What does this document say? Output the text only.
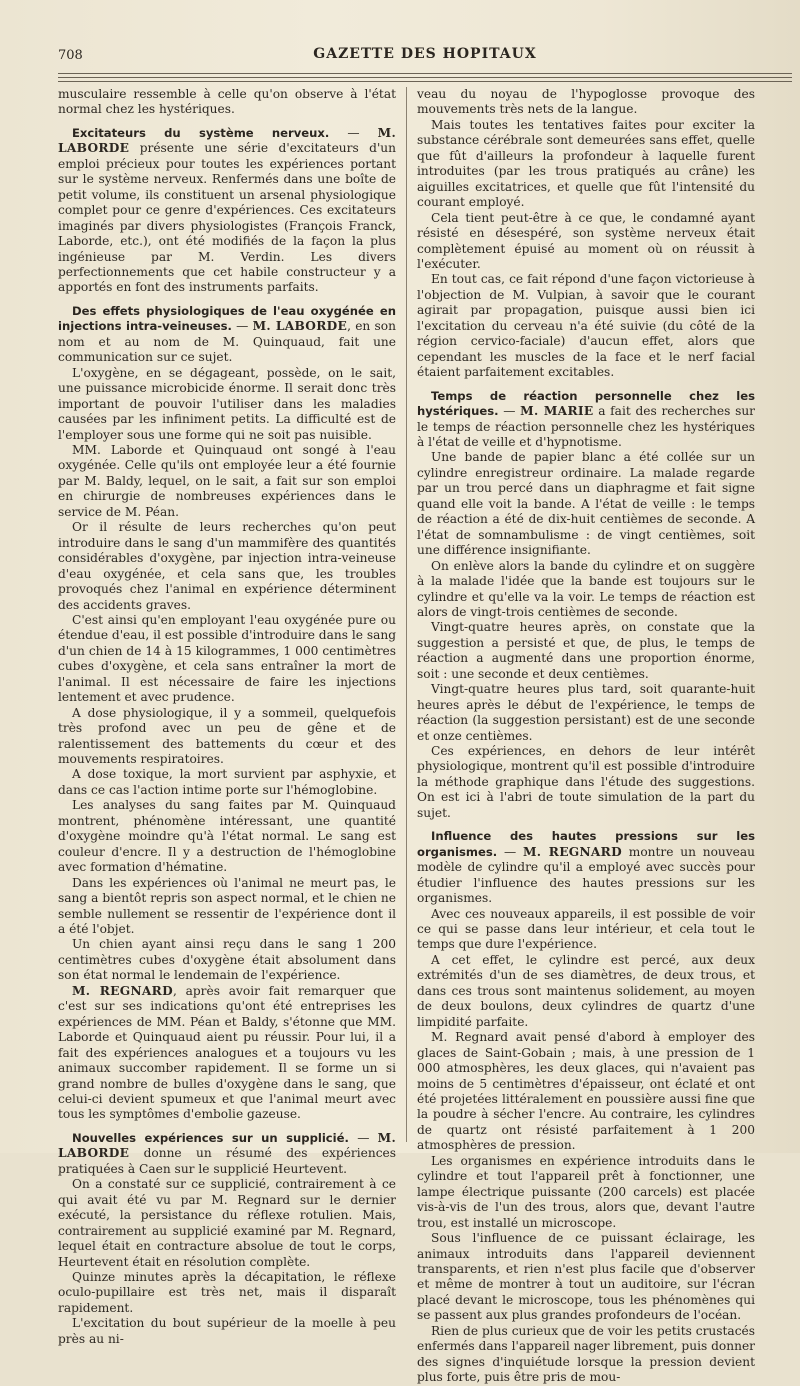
708	GAZETTE DES HOPITAUX

musculaire ressemble à celle qu'on observe à l'état normal chez les hystériques.

Excitateurs du système nerveux. — M. LABORDE présente une série d'excitateurs d'un emploi précieux pour toutes les expériences portant sur le système nerveux. Renfermés dans une boîte de petit volume, ils constituent un arsenal physiologique complet pour ce genre d'expériences. Ces excitateurs imaginés par divers physiologistes (François Franck, Laborde, etc.), ont été modifiés de la façon la plus ingénieuse par M. Verdin. Les divers perfectionnements que cet habile constructeur y a apportés en font des instruments parfaits.

Des effets physiologiques de l'eau oxygénée en injections intra-veineuses. — M. LABORDE, en son nom et au nom de M. Quinquaud, fait une communication sur ce sujet.

L'oxygène, en se dégageant, possède, on le sait, une puissance microbicide énorme. Il serait donc très important de pouvoir l'utiliser dans les maladies causées par les infiniment petits. La difficulté est de l'employer sous une forme qui ne soit pas nuisible.

MM. Laborde et Quinquaud ont songé à l'eau oxygénée. Celle qu'ils ont employée leur a été fournie par M. Baldy, lequel, on le sait, a fait sur son emploi en chirurgie de nombreuses expériences dans le service de M. Péan.

Or il résulte de leurs recherches qu'on peut introduire dans le sang d'un mammifère des quantités considérables d'oxygène, par injection intra-veineuse d'eau oxygénée, et cela sans que, les troubles provoqués chez l'animal en expérience déterminent des accidents graves.

C'est ainsi qu'en employant l'eau oxygénée pure ou étendue d'eau, il est possible d'introduire dans le sang d'un chien de 14 à 15 kilogrammes, 1 000 centimètres cubes d'oxygène, et cela sans entraîner la mort de l'animal. Il est nécessaire de faire les injections lentement et avec prudence.

A dose physiologique, il y a sommeil, quelquefois très profond avec un peu de gêne et de ralentissement des battements du cœur et des mouvements respiratoires.

A dose toxique, la mort survient par asphyxie, et dans ce cas l'action intime porte sur l'hémoglobine.

Les analyses du sang faites par M. Quinquaud montrent, phénomène intéressant, une quantité d'oxygène moindre qu'à l'état normal. Le sang est couleur d'encre. Il y a destruction de l'hémoglobine avec formation d'hématine.

Dans les expériences où l'animal ne meurt pas, le sang a bientôt repris son aspect normal, et le chien ne semble nullement se ressentir de l'expérience dont il a été l'objet.

Un chien ayant ainsi reçu dans le sang 1 200 centimètres cubes d'oxygène était absolument dans son état normal le lendemain de l'expérience.

M. REGNARD, après avoir fait remarquer que c'est sur ses indications qu'ont été entreprises les expériences de MM. Péan et Baldy, s'étonne que MM. Laborde et Quinquaud aient pu réussir. Pour lui, il a fait des expériences analogues et a toujours vu les animaux succomber rapidement. Il se forme un si grand nombre de bulles d'oxygène dans le sang, que celui-ci devient spumeux et que l'animal meurt avec tous les symptômes d'embolie gazeuse.

Nouvelles expériences sur un supplicié. — M. LABORDE donne un résumé des expériences pratiquées à Caen sur le supplicié Heurtevent.

On a constaté sur ce supplicié, contrairement à ce qui avait été vu par M. Regnard sur le dernier exécuté, la persistance du réflexe rotulien. Mais, contrairement au supplicié examiné par M. Regnard, lequel était en contracture absolue de tout le corps, Heurtevent était en résolution complète.

Quinze minutes après la décapitation, le réflexe oculo-pupillaire est très net, mais il disparaît rapidement.

L'excitation du bout supérieur de la moelle à peu près au ni-

veau du noyau de l'hypoglosse provoque des mouvements très nets de la langue.

Mais toutes les tentatives faites pour exciter la substance cérébrale sont demeurées sans effet, quelle que fût d'ailleurs la profondeur à laquelle furent introduites (par les trous pratiqués au crâne) les aiguilles excitatrices, et quelle que fût l'intensité du courant employé.

Cela tient peut-être à ce que, le condamné ayant résisté en désespéré, son système nerveux était complètement épuisé au moment où on réussit à l'exécuter.

En tout cas, ce fait répond d'une façon victorieuse à l'objection de M. Vulpian, à savoir que le courant agirait par propagation, puisque aussi bien ici l'excitation du cerveau n'a été suivie (du côté de la région cervico-faciale) d'aucun effet, alors que cependant les muscles de la face et le nerf facial étaient parfaitement excitables.

Temps de réaction personnelle chez les hystériques. — M. MARIE a fait des recherches sur le temps de réaction personnelle chez les hystériques à l'état de veille et d'hypnotisme.

Une bande de papier blanc a été collée sur un cylindre enregistreur ordinaire. La malade regarde par un trou percé dans un diaphragme et fait signe quand elle voit la bande. A l'état de veille : le temps de réaction a été de dix-huit centièmes de seconde. A l'état de somnambulisme : de vingt centièmes, soit une différence insignifiante.

On enlève alors la bande du cylindre et on suggère à la malade l'idée que la bande est toujours sur le cylindre et qu'elle va la voir. Le temps de réaction est alors de vingt-trois centièmes de seconde.

Vingt-quatre heures après, on constate que la suggestion a persisté et que, de plus, le temps de réaction a augmenté dans une proportion énorme, soit : une seconde et deux centièmes.

Vingt-quatre heures plus tard, soit quarante-huit heures après le début de l'expérience, le temps de réaction (la suggestion persistant) est de une seconde et onze centièmes.

Ces expériences, en dehors de leur intérêt physiologique, montrent qu'il est possible d'introduire la méthode graphique dans l'étude des suggestions. On est ici à l'abri de toute simulation de la part du sujet.

Influence des hautes pressions sur les organismes. — M. REGNARD montre un nouveau modèle de cylindre qu'il a employé avec succès pour étudier l'influence des hautes pressions sur les organismes.

Avec ces nouveaux appareils, il est possible de voir ce qui se passe dans leur intérieur, et cela tout le temps que dure l'expérience.

A cet effet, le cylindre est percé, aux deux extrémités d'un de ses diamètres, de deux trous, et dans ces trous sont maintenus solidement, au moyen de deux boulons, deux cylindres de quartz d'une limpidité parfaite.

M. Regnard avait pensé d'abord à employer des glaces de Saint-Gobain ; mais, à une pression de 1 000 atmosphères, les deux glaces, qui n'avaient pas moins de 5 centimètres d'épaisseur, ont éclaté et ont été projetées littéralement en poussière aussi fine que la poudre à sécher l'encre. Au contraire, les cylindres de quartz ont résisté parfaitement à 1 200 atmosphères de pression.

Les organismes en expérience introduits dans le cylindre et tout l'appareil prêt à fonctionner, une lampe électrique puissante (200 carcels) est placée vis-à-vis de l'un des trous, alors que, devant l'autre trou, est installé un microscope.

Sous l'influence de ce puissant éclairage, les animaux introduits dans l'appareil deviennent transparents, et rien n'est plus facile que d'observer et même de montrer à tout un auditoire, sur l'écran placé devant le microscope, tous les phénomènes qui se passent aux plus grandes profondeurs de l'océan.

Rien de plus curieux que de voir les petits crustacés enfermés dans l'appareil nager librement, puis donner des signes d'inquiétude lorsque la pression devient plus forte, puis être pris de mou-
